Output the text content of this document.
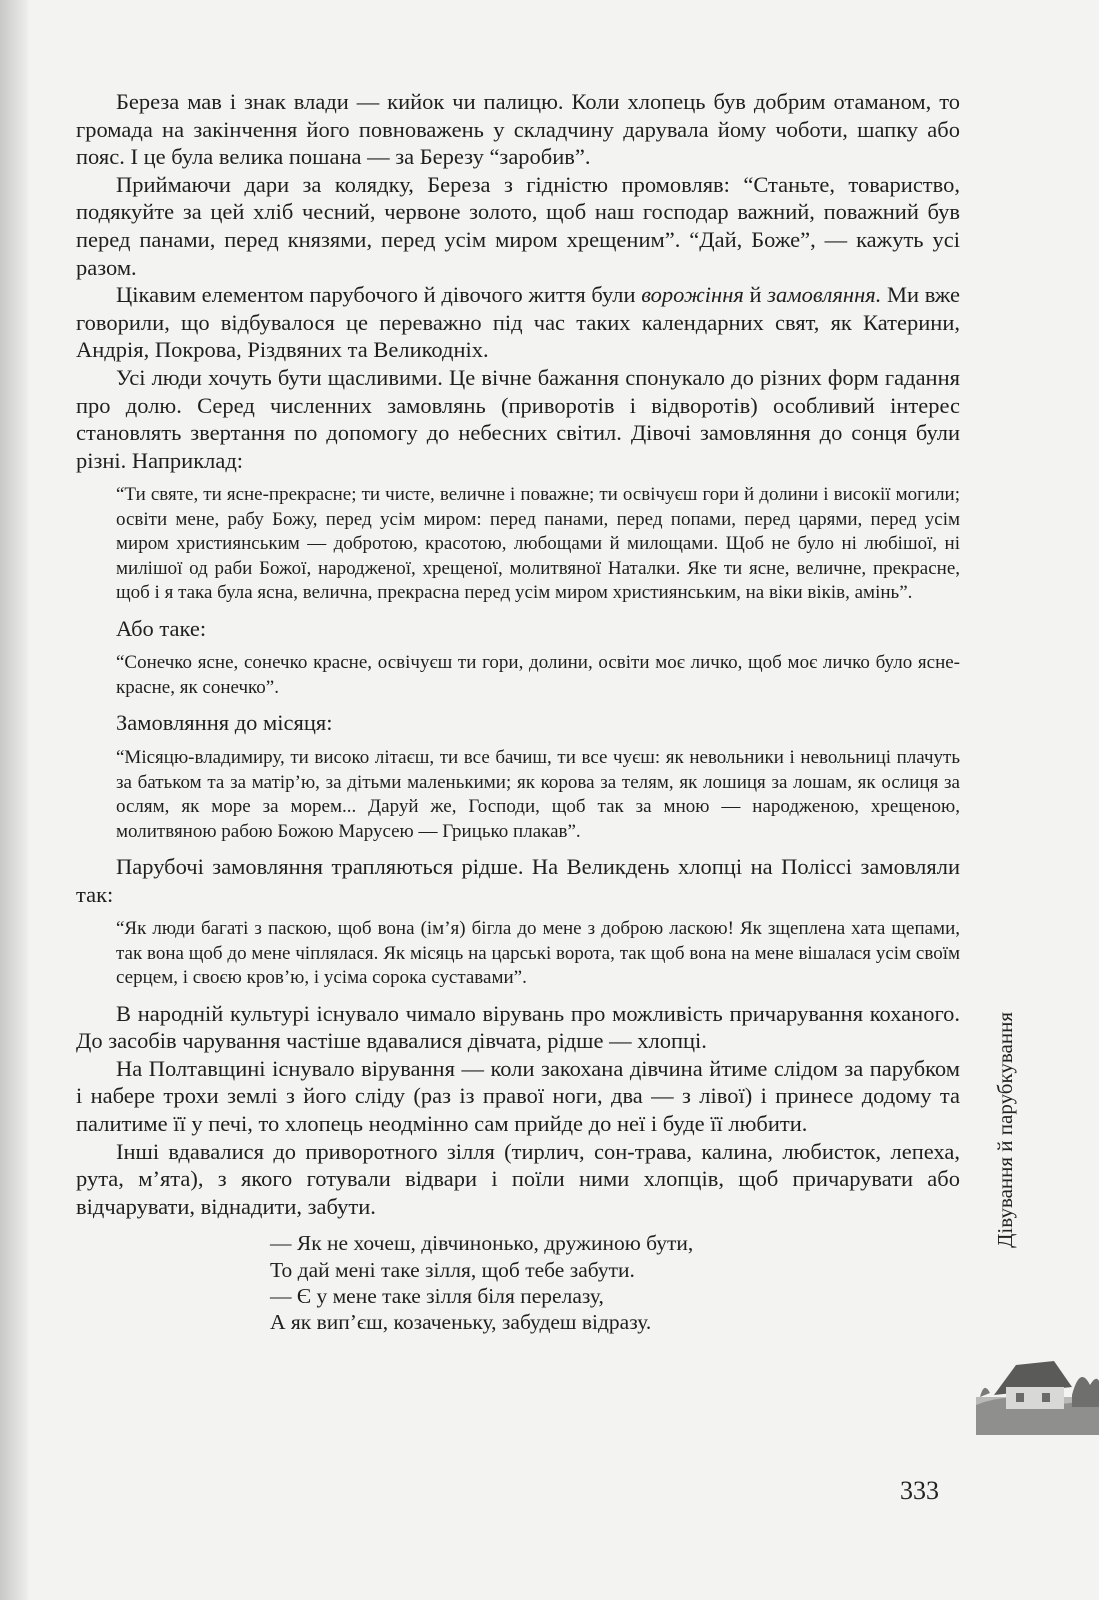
Береза мав і знак влади — кийок чи палицю. Коли хлопець був добрим отаманом, то громада на закінчення його повноважень у складчину дарувала йому чоботи, шапку або пояс. І це була велика пошана — за Березу “заробив”.

Приймаючи дари за колядку, Береза з гідністю промовляв: “Станьте, товариство, подякуйте за цей хліб чесний, червоне золото, щоб наш господар важний, поважний був перед панами, перед князями, перед усім миром хрещеним”. “Дай, Боже”, — кажуть усі разом.

Цікавим елементом парубочого й дівочого життя були ворожіння й замовляння. Ми вже говорили, що відбувалося це переважно під час таких календарних свят, як Катерини, Андрія, Покрова, Різдвяних та Великодніх.

Усі люди хочуть бути щасливими. Це вічне бажання спонукало до різних форм гадання про долю. Серед численних замовлянь (приворотів і відворотів) особливий інтерес становлять звертання по допомогу до небесних світил. Дівочі замовляння до сонця були різні. Наприклад:

“Ти святе, ти ясне-прекрасне; ти чисте, величне і поважне; ти освічуєш гори й долини і високії могили; освіти мене, рабу Божу, перед усім миром: перед панами, перед попами, перед царями, перед усім миром християнським — добротою, красотою, любощами й милощами. Щоб не було ні любішої, ні милішої од раби Божої, народженої, хрещеної, молитвяної Наталки. Яке ти ясне, величне, прекрасне, щоб і я така була ясна, велична, прекрасна перед усім миром християнським, на віки віків, амінь”.

Або таке:

“Сонечко ясне, сонечко красне, освічуєш ти гори, долини, освіти моє личко, щоб моє личко було ясне-красне, як сонечко”.

Замовляння до місяця:

“Місяцю-владимиру, ти високо літаєш, ти все бачиш, ти все чуєш: як невольники і невольниці плачуть за батьком та за матір’ю, за дітьми маленькими; як корова за телям, як лошиця за лошам, як ослиця за ослям, як море за морем... Даруй же, Господи, щоб так за мною — народженою, хрещеною, молитвяною рабою Божою Марусею — Грицько плакав”.

Парубочі замовляння трапляються рідше. На Великдень хлопці на Поліссі замовляли так:

“Як люди багаті з паскою, щоб вона (ім’я) бігла до мене з доброю ласкою! Як зщеплена хата щепами, так вона щоб до мене чіплялася. Як місяць на царські ворота, так щоб вона на мене вішалася усім своїм серцем, і своєю кров’ю, і усіма сорока суставами”.

В народній культурі існувало чимало вірувань про можливість причарування коханого. До засобів чарування частіше вдавалися дівчата, рідше — хлопці.

На Полтавщині існувало вірування — коли закохана дівчина йтиме слідом за парубком і набере трохи землі з його сліду (раз із правої ноги, два — з лівої) і принесе додому та палитиме її у печі, то хлопець неодмінно сам прийде до неї і буде її любити.

Інші вдавалися до приворотного зілля (тирлич, сон-трава, калина, любисток, лепеха, рута, м’ята), з якого готували відвари і поїли ними хлопців, щоб причарувати або відчарувати, віднадити, забути.

— Як не хочеш, дівчинонько, дружиною бути,
То дай мені таке зілля, щоб тебе забути.
— Є у мене таке зілля біля перелазу,
А як вип’єш, козаченьку, забудеш відразу.
Дівування й парубкування
333
